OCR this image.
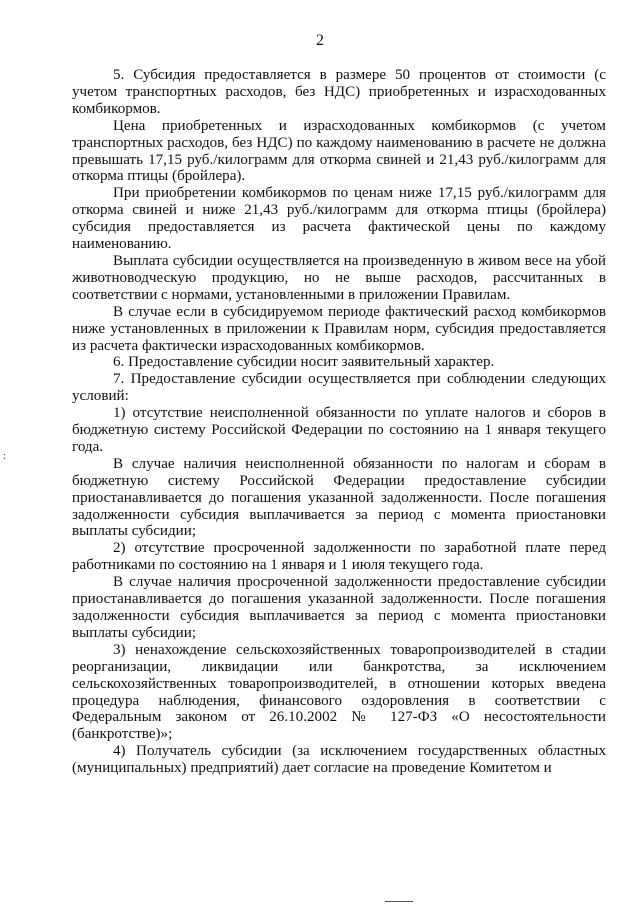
2
:

5. Субсидия предоставляется в размере 50 процентов от стоимости (с учетом транспортных расходов, без НДС) приобретенных и израсходованных комбикормов.

Цена приобретенных и израсходованных комбикормов (с учетом транспортных расходов, без НДС) по каждому наименованию в расчете не должна превышать 17,15 руб./килограмм для откорма свиней и 21,43 руб./килограмм для откорма птицы (бройлера).

При приобретении комбикормов по ценам ниже 17,15 руб./килограмм для откорма свиней и ниже 21,43 руб./килограмм для откорма птицы (бройлера) субсидия предоставляется из расчета фактической цены по каждому наименованию.

Выплата субсидии осуществляется на произведенную в живом весе на убой животноводческую продукцию, но не выше расходов, рассчитанных в соответствии с нормами, установленными в приложении Правилам.

В случае если в субсидируемом периоде фактический расход комбикормов ниже установленных в приложении к Правилам норм, субсидия предоставляется из расчета фактически израсходованных комбикормов.

6. Предоставление субсидии носит заявительный характер.

7. Предоставление субсидии осуществляется при соблюдении следующих условий:

1) отсутствие неисполненной обязанности по уплате налогов и сборов в бюджетную систему Российской Федерации по состоянию на 1 января текущего года.

В случае наличия неисполненной обязанности по налогам и сборам в бюджетную систему Российской Федерации предоставление субсидии приостанавливается до погашения указанной задолженности. После погашения задолженности субсидия выплачивается за период с момента приостановки выплаты субсидии;

2) отсутствие просроченной задолженности по заработной плате перед работниками по состоянию на 1 января и 1 июля текущего года.

В случае наличия просроченной задолженности предоставление субсидии приостанавливается до погашения указанной задолженности. После погашения задолженности субсидия выплачивается за период с момента приостановки выплаты субсидии;

3) ненахождение сельскохозяйственных товаропроизводителей в стадии реорганизации, ликвидации или банкротства, за исключением сельскохозяйственных товаропроизводителей, в отношении которых введена процедура наблюдения, финансового оздоровления в соответствии с Федеральным законом от 26.10.2002 № 127-ФЗ «О несостоятельности (банкротстве)»;

4) Получатель субсидии (за исключением государственных областных (муниципальных) предприятий) дает согласие на проведение Комитетом и
